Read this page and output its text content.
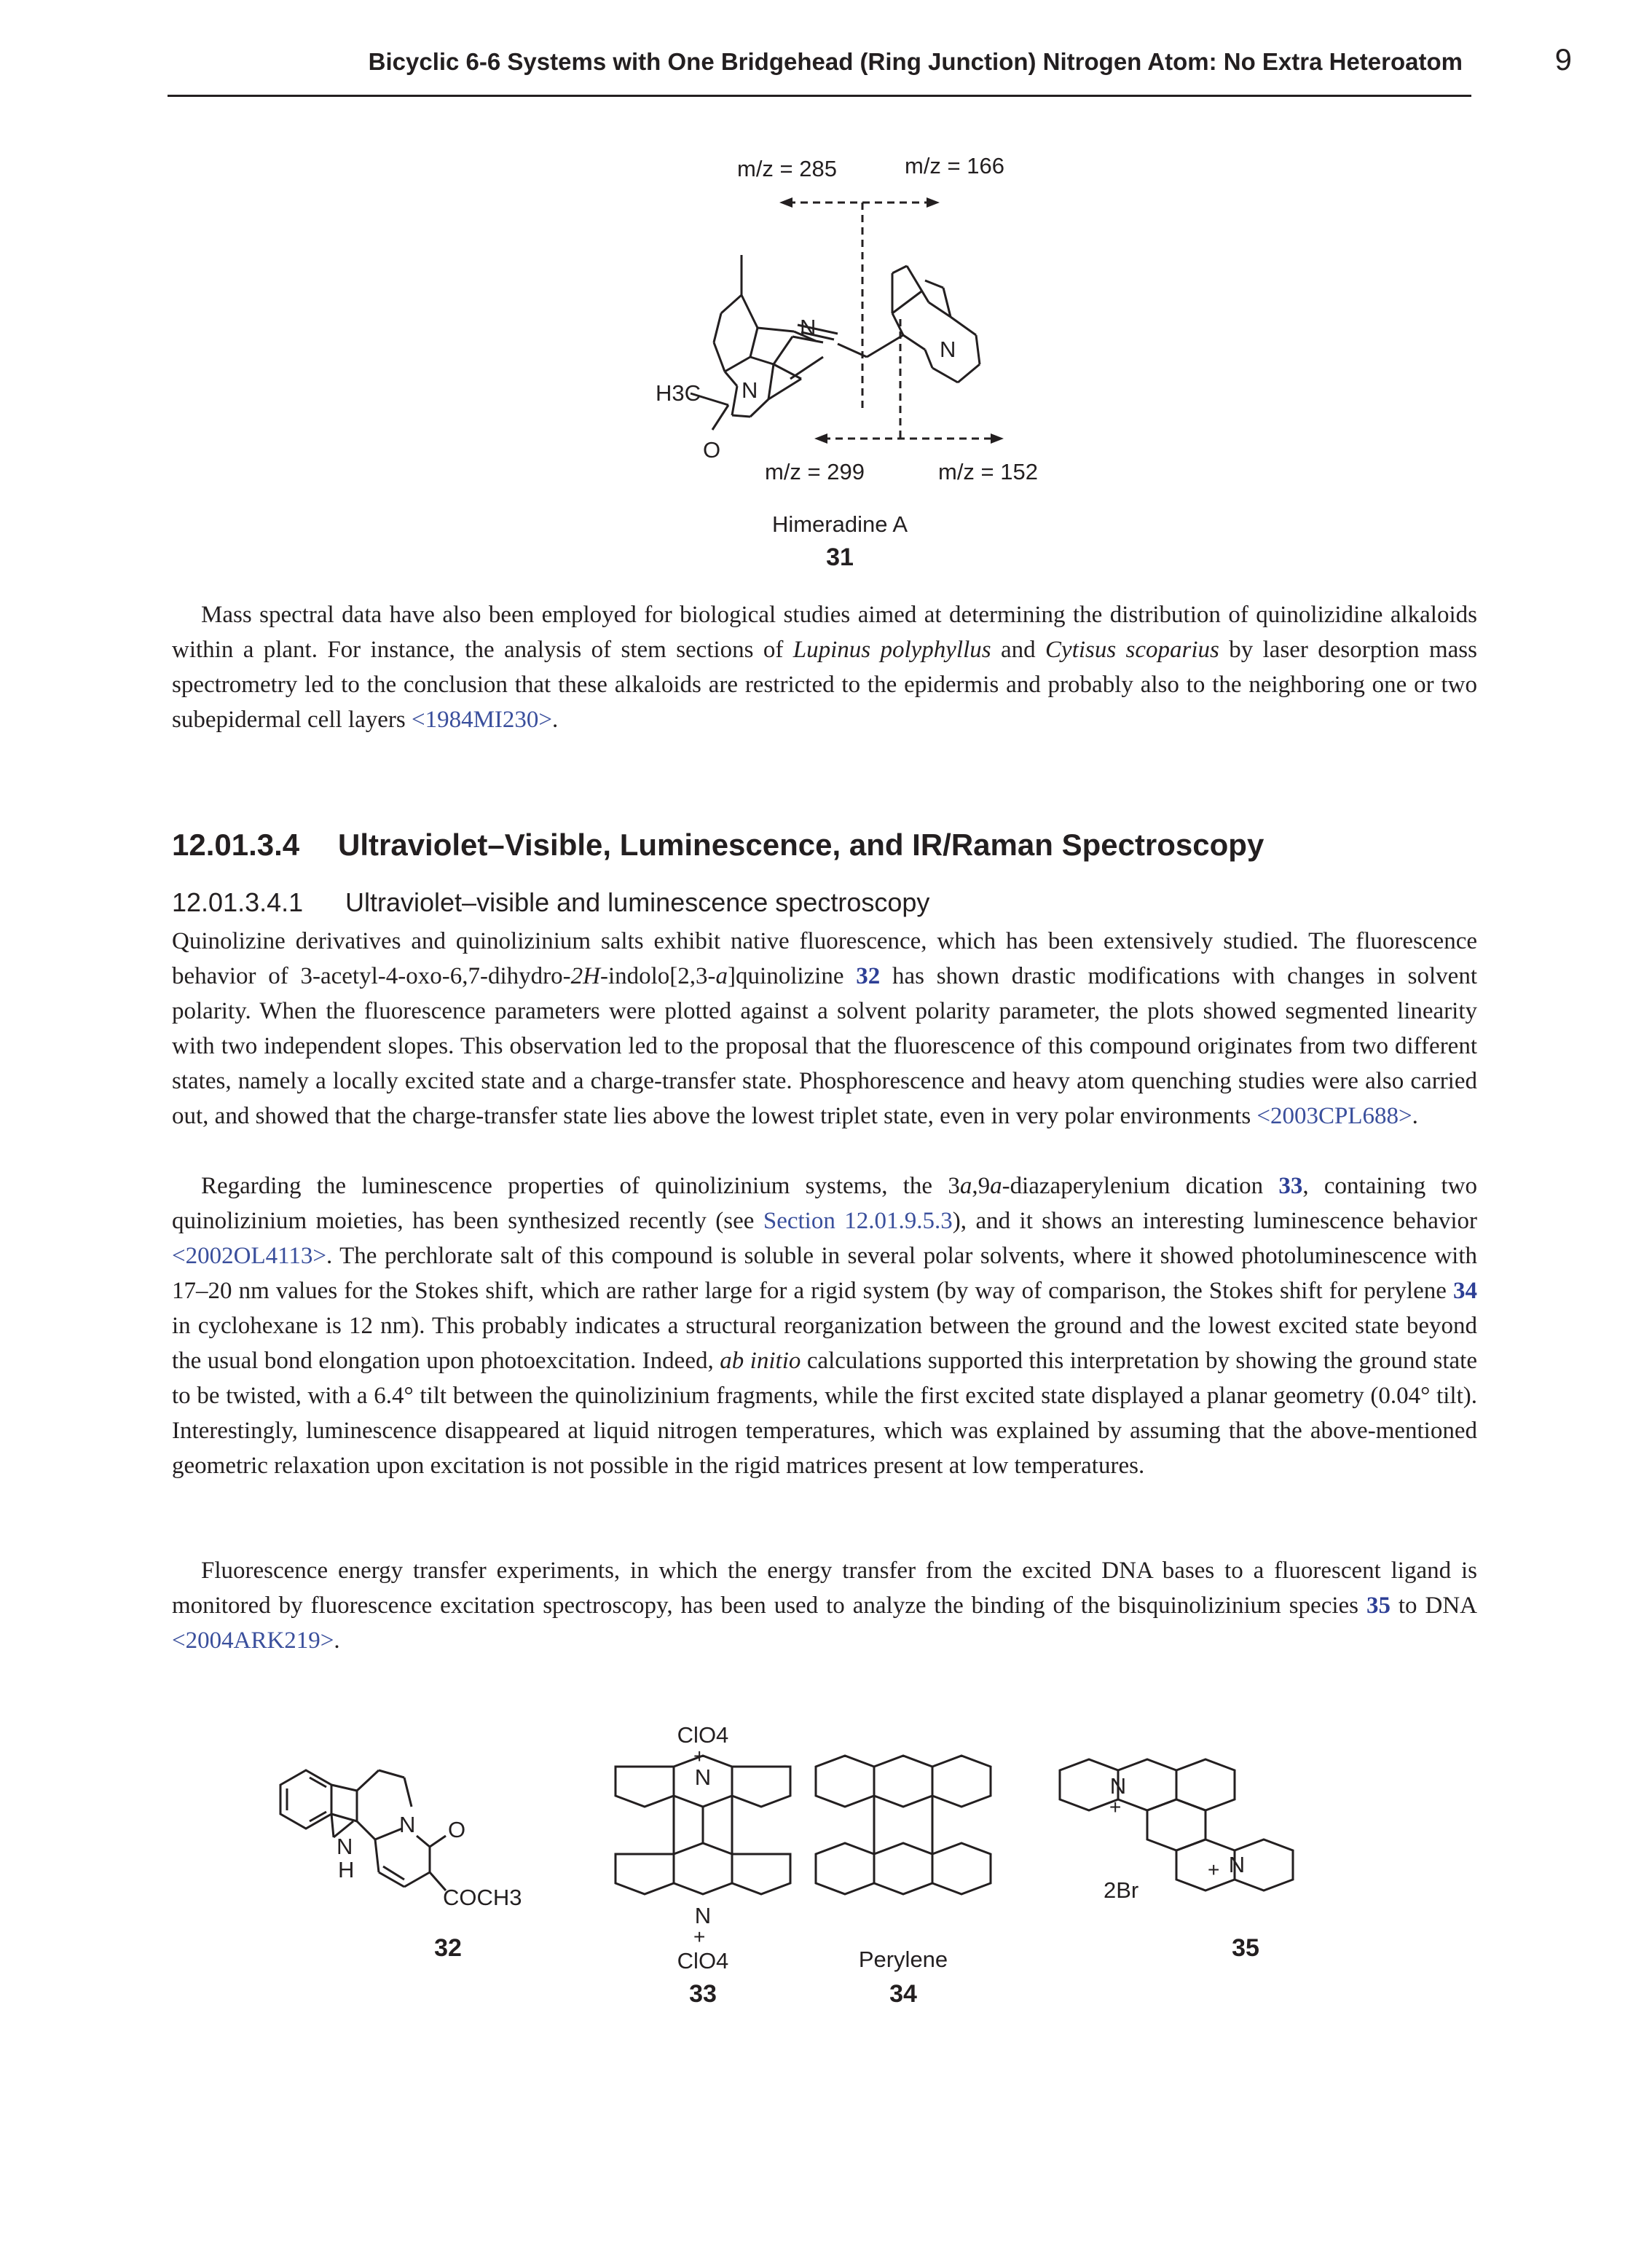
Bicyclic 6-6 Systems with One Bridgehead (Ring Junction) Nitrogen Atom: No Extra Heteroatom	9
m/z = 285	m/z = 166
m/z = 299	m/z = 152
N
N
N
H3C
O
Himeradine A
31

Mass spectral data have also been employed for biological studies aimed at determining the distribution of quinolizidine alkaloids within a plant. For instance, the analysis of stem sections of Lupinus polyphyllus and Cytisus scoparius by laser desorption mass spectrometry led to the conclusion that these alkaloids are restricted to the epidermis and probably also to the neighboring one or two subepidermal cell layers <1984MI230>.

12.01.3.4 Ultraviolet–Visible, Luminescence, and IR/Raman Spectroscopy
12.01.3.4.1 Ultraviolet–visible and luminescence spectroscopy

Quinolizine derivatives and quinolizinium salts exhibit native fluorescence, which has been extensively studied. The fluorescence behavior of 3-acetyl-4-oxo-6,7-dihydro-2H-indolo[2,3-a]quinolizine 32 has shown drastic modifications with changes in solvent polarity. When the fluorescence parameters were plotted against a solvent polarity parameter, the plots showed segmented linearity with two independent slopes. This observation led to the proposal that the fluorescence of this compound originates from two different states, namely a locally excited state and a charge-transfer state. Phosphorescence and heavy atom quenching studies were also carried out, and showed that the charge-transfer state lies above the lowest triplet state, even in very polar environments <2003CPL688>.

Regarding the luminescence properties of quinolizinium systems, the 3a,9a-diazaperylenium dication 33, containing two quinolizinium moieties, has been synthesized recently (see Section 12.01.9.5.3), and it shows an interesting luminescence behavior <2002OL4113>. The perchlorate salt of this compound is soluble in several polar solvents, where it showed photoluminescence with 17–20 nm values for the Stokes shift, which are rather large for a rigid system (by way of comparison, the Stokes shift for perylene 34 in cyclohexane is 12 nm). This probably indicates a structural reorganization between the ground and the lowest excited state beyond the usual bond elongation upon photoexcitation. Indeed, ab initio calculations supported this interpretation by showing the ground state to be twisted, with a 6.4° tilt between the quinolizinium fragments, while the first excited state displayed a planar geometry (0.04° tilt). Interestingly, luminescence disappeared at liquid nitrogen temperatures, which was explained by assuming that the above-mentioned geometric relaxation upon excitation is not possible in the rigid matrices present at low temperatures.

Fluorescence energy transfer experiments, in which the energy transfer from the excited DNA bases to a fluorescent ligand is monitored by fluorescence excitation spectroscopy, has been used to analyze the binding of the bisquinolizinium species 35 to DNA <2004ARK219>.

N
H
N O
COCH3
32
ClO4
+
N
N
+
ClO4
33
Perylene
34
N
+
N
+
2Br
35
